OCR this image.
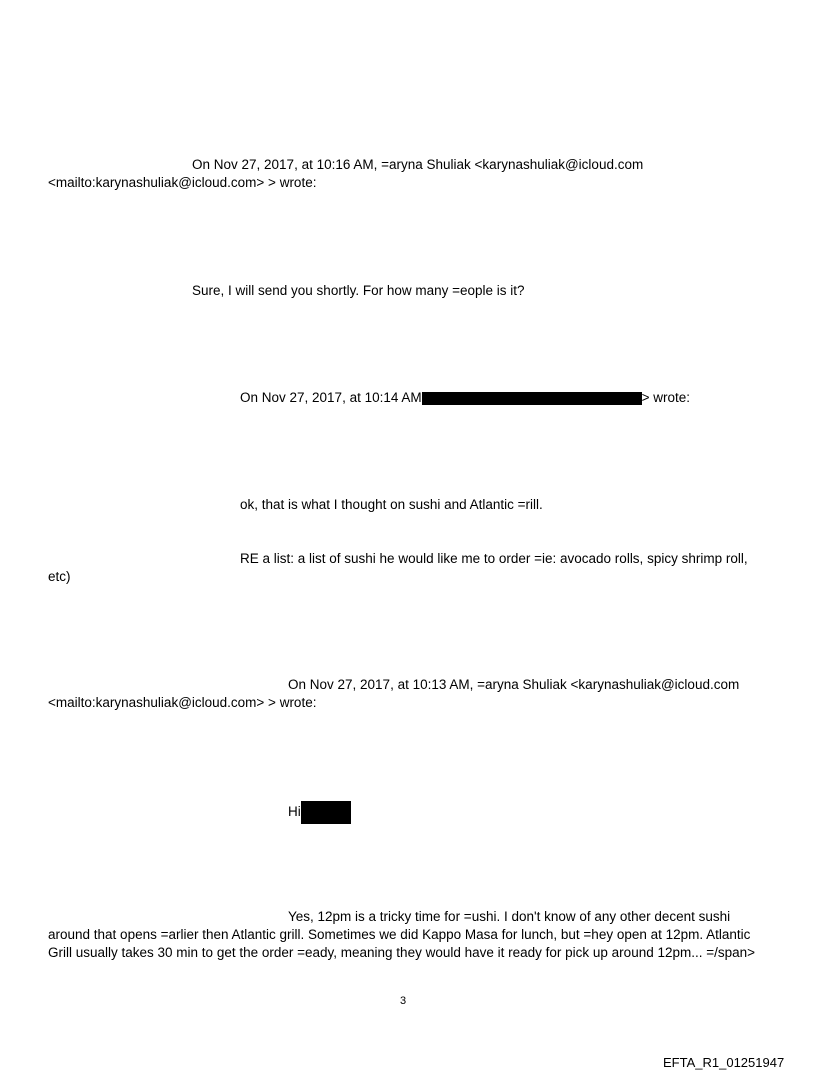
On Nov 27, 2017, at 10:16 AM, =aryna Shuliak <karynashuliak@icloud.com
<mailto:karynashuliak@icloud.com> > wrote:
Sure, I will send you shortly. For how many =eople is it?
On Nov 27, 2017, at 10:14 AM	> wrote:
ok, that is what I thought on sushi and Atlantic =rill.
RE a list: a list of sushi he would like me to order =ie: avocado rolls, spicy shrimp roll,
etc)
On Nov 27, 2017, at 10:13 AM, =aryna Shuliak <karynashuliak@icloud.com
<mailto:karynashuliak@icloud.com> > wrote:
Hi
Yes, 12pm is a tricky time for =ushi. I don't know of any other decent sushi
around that opens =arlier then Atlantic grill. Sometimes we did Kappo Masa for lunch, but =hey open at 12pm. Atlantic
Grill usually takes 30 min to get the order =eady, meaning they would have it ready for pick up around 12pm... =/span>
3
EFTA_R1_01251947
